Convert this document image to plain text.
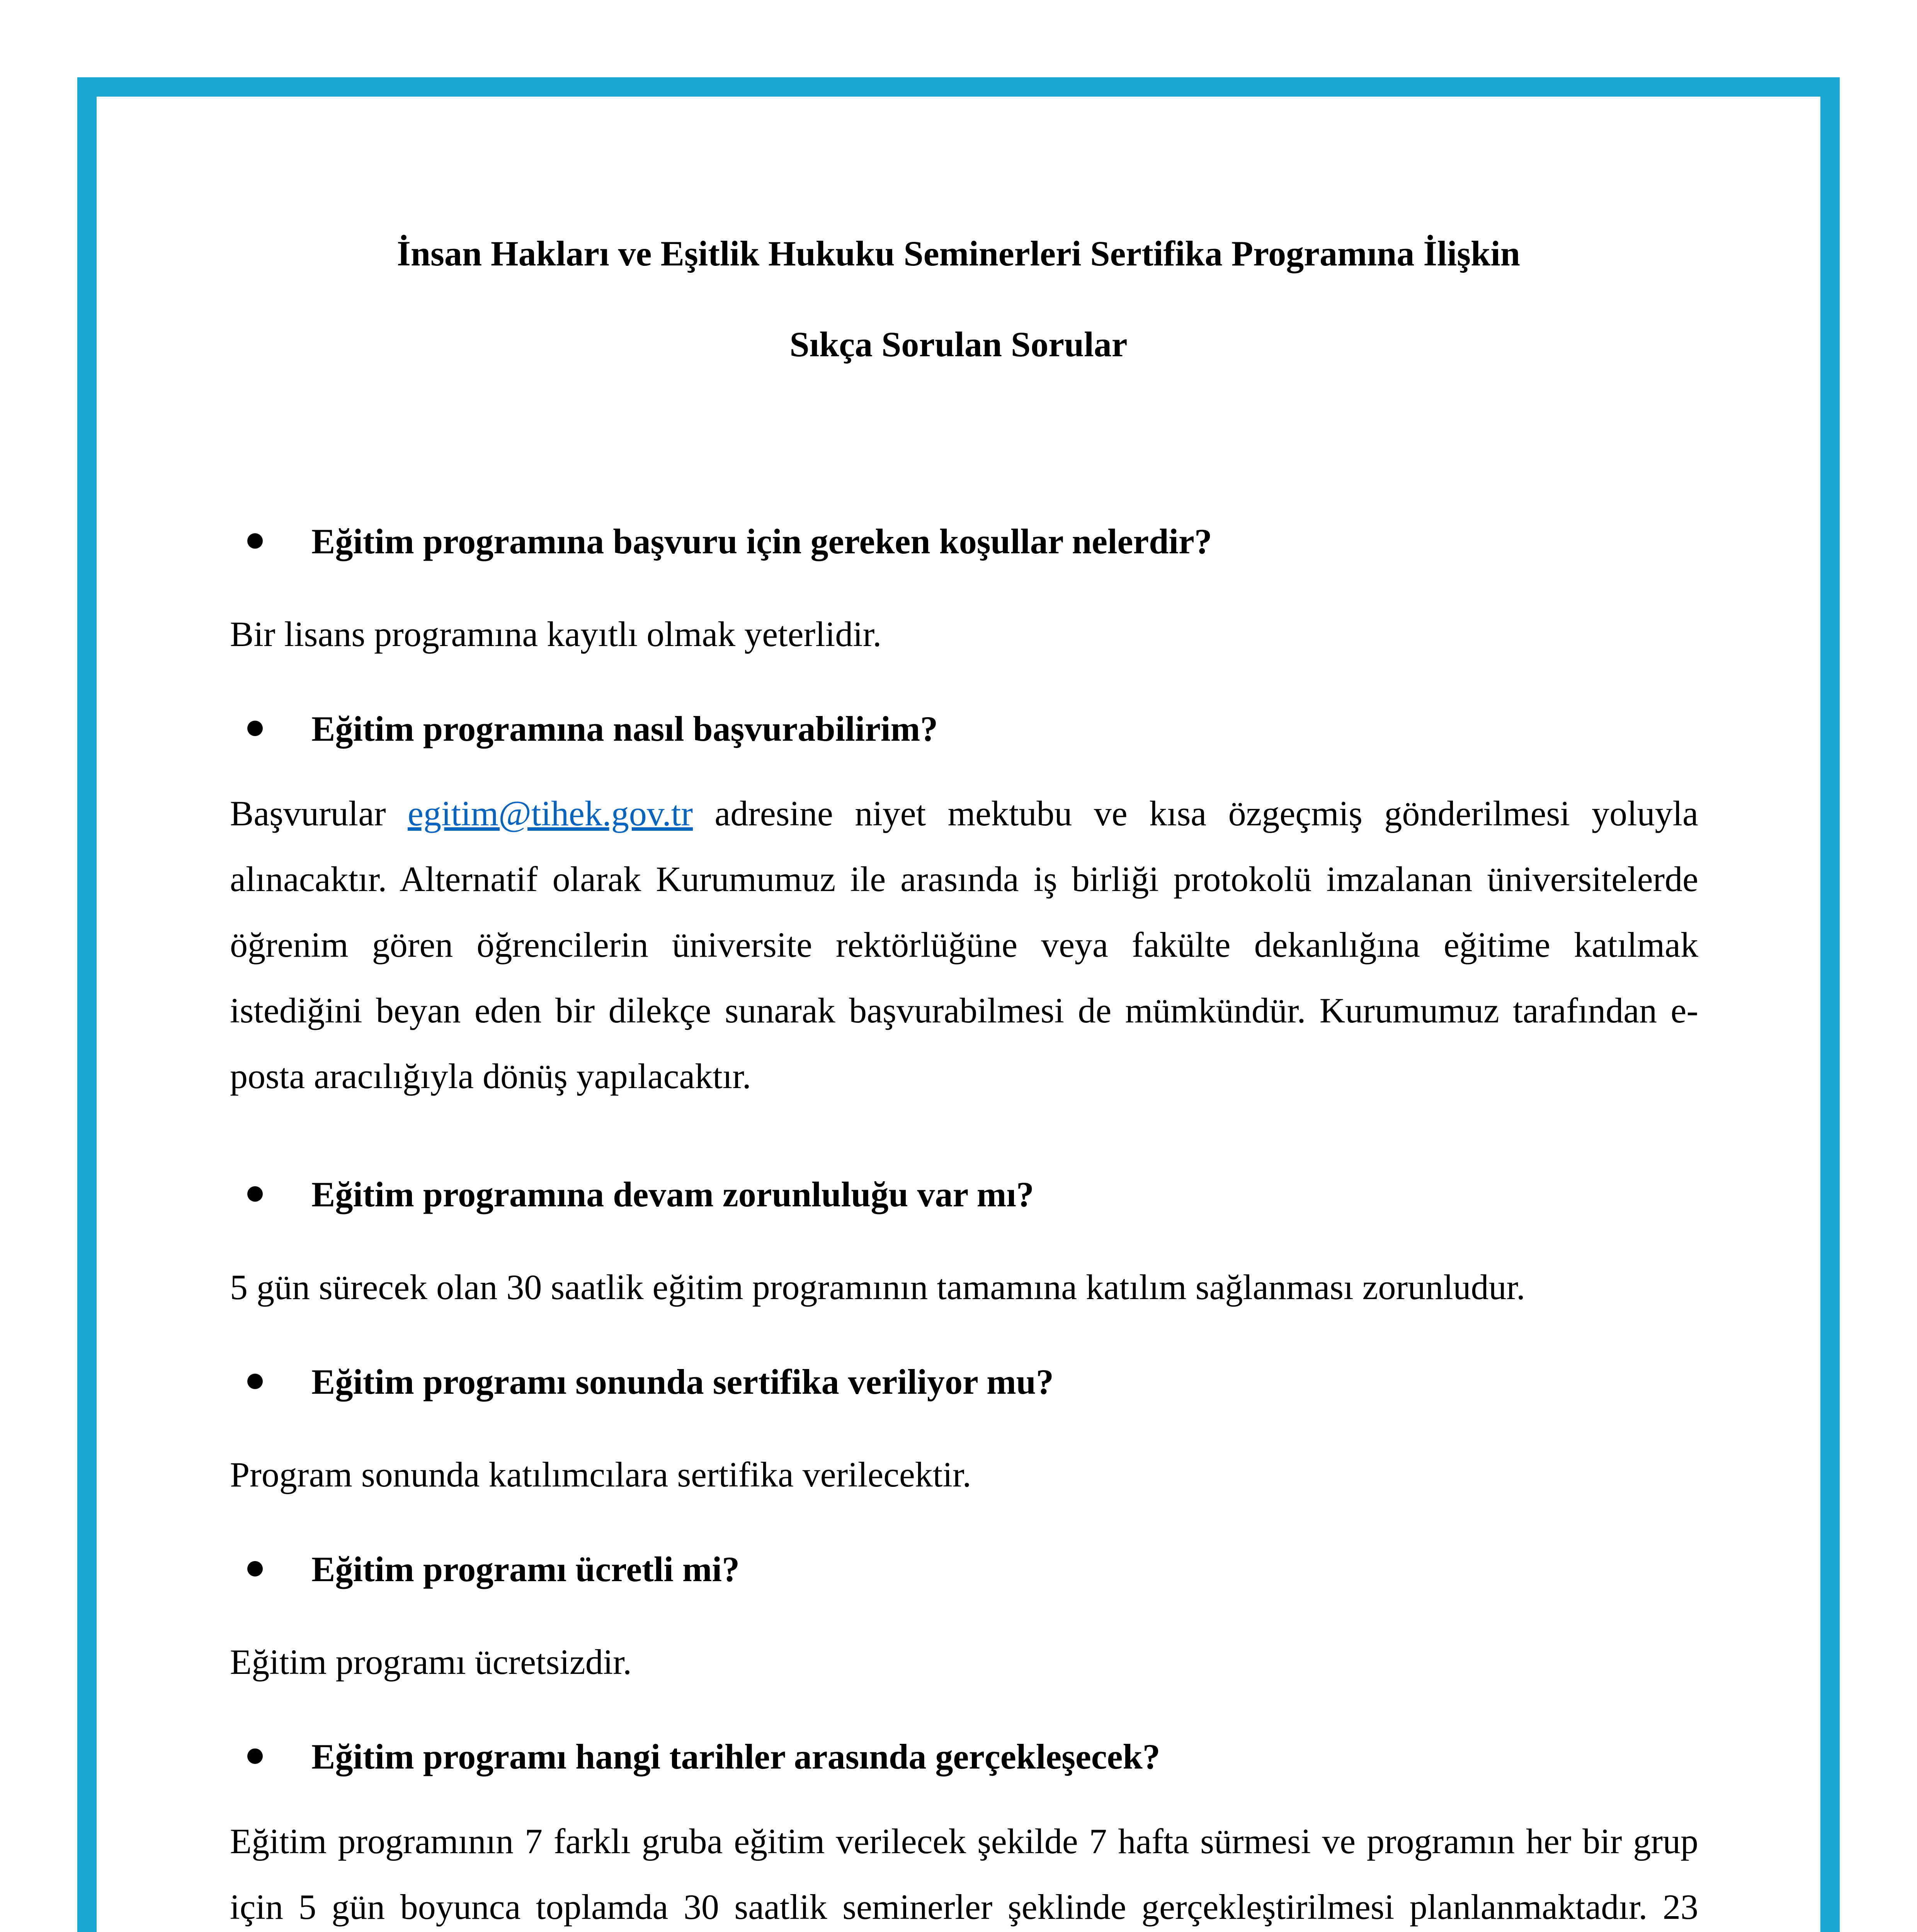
İnsan Hakları ve Eşitlik Hukuku Seminerleri Sertifika Programına İlişkin
Sıkça Sorulan Sorular
Eğitim programına başvuru için gereken koşullar nelerdir?
Bir lisans programına kayıtlı olmak yeterlidir.
Eğitim programına nasıl başvurabilirim?
Başvurular egitim@tihek.gov.tr adresine niyet mektubu ve kısa özgeçmiş gönderilmesi yoluyla alınacaktır. Alternatif olarak Kurumumuz ile arasında iş birliği protokolü imzalanan üniversitelerde öğrenim gören öğrencilerin üniversite rektörlüğüne veya fakülte dekanlığına eğitime katılmak istediğini beyan eden bir dilekçe sunarak başvurabilmesi de mümkündür. Kurumumuz tarafından e-posta aracılığıyla dönüş yapılacaktır.
Eğitim programına devam zorunluluğu var mı?
5 gün sürecek olan 30 saatlik eğitim programının tamamına katılım sağlanması zorunludur.
Eğitim programı sonunda sertifika veriliyor mu?
Program sonunda katılımcılara sertifika verilecektir.
Eğitim programı ücretli mi?
Eğitim programı ücretsizdir.
Eğitim programı hangi tarihler arasında gerçekleşecek?
Eğitim programının 7 farklı gruba eğitim verilecek şekilde 7 hafta sürmesi ve programın her bir grup için 5 gün boyunca toplamda 30 saatlik seminerler şeklinde gerçekleştirilmesi planlanmaktadır. 23
